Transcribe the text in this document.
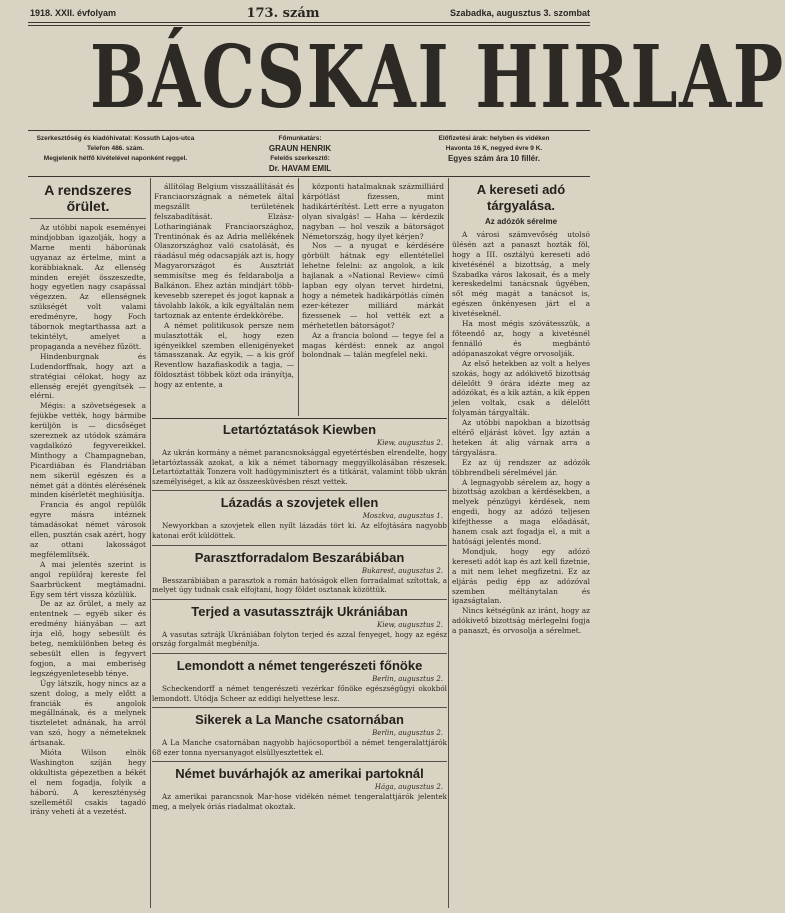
1918. XXII. évfolyam	173. szám	Szabadka, augusztus 3. szombat
BÁCSKAI HIRLAP
Szerkesztőség és kiadóhivatal: Kossuth Lajos-utca
Telefon 486. szám.
Megjelenik hétfő kivételével naponként reggel.
Főmunkatárs:
GRAUN HENRIK
Felelős szerkesztő:
Dr. HAVAM EMIL
Előfizetési árak: helyben és vidéken
Havonta 16 K, negyed évre 9 K.
Egyes szám ára 10 fillér.
A rendszeres őrület.

Az utóbbi napok eseményei mindjobban igazolják, hogy a Marne menti háborúnak ugyanaz az értelme, mint a korábbiaknak. Az ellenség minden erejét összeszedte, hogy egyetlen nagy csapással végezzen. Az ellenségnek szükségét volt valami eredményre, hogy Foch tábornok megtarthassa azt a tekintélyt, amelyet a propaganda a nevéhez fűzött.

Hindenburgnak és Ludendorffnak, hogy azt a stratégiai célokat, hogy az ellenség erejét gyengítsék — elérni.

Mégis: a szövetségesek a fejükbe vették, hogy bármibe kerüljön is — dicsőséget szereznek az utódok számára vagdalkózó fegyvereikkel. Minthogy a Champagneban, Picardiában és Flandriában nem sikerül egészen és a német gát a döntés elérésének minden kísérletét meghiúsítja.

Francia és angol repülők egyre másra intéznek támadásokat német városok ellen, pusztán csak azért, hogy az ottani lakosságot megfélemlítsék.

A mai jelentés szerint is angol repülőraj kereste fel Saarbrückent megtámadni. Egy sem tért vissza közülük.

De az az őrület, a mely az ententnek — egyéb siker és eredmény hiányában — azt írja elő, hogy sebesült és beteg, nemkülönben beteg és sebesült ellen is fegyvert fogjon, a mai emberiség legszégyenletesebb ténye.

Úgy látszik, hogy nincs az a szent dolog, a mely előtt a franciák és angolok megállnának, és a melynek tiszteletet adnának, ha arról van szó, hogy a németeknek ártsanak.

Mióta Wilson elnök Washington szíján hegy okkultista gépezetben a békét el nem fogadja, folyik a háború. A kereszténység szellemétől csakis tagadó irány veheti át a vezetést.

állítólag Belgium visszaállítását és Franciaországnak a németek által megszállt területének felszabadítását. Elzász-Lotharingiának Franciaországhoz, Trentinónak és az Adria mellékének Olaszországhoz való csatolását, és ráadásul még odacsapják azt is, hogy Magyarországot és Ausztriát semmisítse meg és feldarabolja a Balkánon. Ehez aztán mindjárt több-kevesebb szerepet és jogot kapnak a távolabb lakók, a kik egyáltalán nem tartoznak az entente érdekkörébe.

A német politikusok persze nem mulasztották el, hogy ezen igényeikkel szemben ellenigényeket támasszanak. Az egyik, — a kis gróf Reventlow hazafiaskodik a tagja, — földosztást többek közt oda irányítja, hogy az entente, a

központi hatalmaknak százmilliárd kárpótlást fizessen, mint hadikártérítést. Lett erre a nyugaton olyan sivalgás! — Haha — kérdezik nagyban — hol veszik a bátorságot Németország, hogy ilyet kérjen?

Nos — a nyugat e kérdésére görbült hátnak egy ellentétellel lehetne felelni: az angolok, a kik hajlanak a »National Review« című lapban egy olyan tervet hirdetni, hogy a németek hadikárpótlás címén ezer-kétezer milliárd márkát fizessenek — hol vették ezt a mérhetetlen bátorságot?

Az a francia bolond — tegye fel a magas kérdést: ennek az angol bolondnak — talán megfelel neki.

Letartóztatások Kiewben
Kiew, augusztus 2.

Az ukrán kormány a német parancsnoksággal egyetértésben elrendelte, hogy letartóztassák azokat, a kik a német tábornagy meggyilkolásában részesek. Letartóztatták Tonzera volt hadügyminisztert és a titkárát, valamint több ukrán személyiséget, a kik az összeesküvésben részt vettek.

Lázadás a szovjetek ellen
Moszkva, augusztus 1.

Newyorkban a szovjetek ellen nyílt lázadás tört ki. Az elfojtására nagyobb katonai erőt küldöttek.

Parasztforradalom Beszarábiában
Bukarest, augusztus 2.

Besszarábiában a parasztok a román hatóságok ellen forradalmat szítottak, a melyet úgy tudnak csak elfojtani, hogy földet osztanak közöttük.

Terjed a vasutassztrájk Ukrániában
Kiew, augusztus 2.

A vasutas sztrájk Ukrániában folyton terjed és azzal fenyeget, hogy az egész ország forgalmát megbénítja.

Lemondott a német tengerészeti főnöke
Berlin, augusztus 2.

Scheckendorff a német tengerészeti vezérkar főnöke egészségügyi okokból lemondott. Utódja Scheer az eddigi helyettese lesz.

Sikerek a La Manche csatornában
Berlin, augusztus 2.

A La Manche csatornában nagyobb hajócsoportból a német tengeralattjárók 68 ezer tonna nyersanyagot elsüllyesztettek el.

Német buvárhajók az amerikai partoknál
Hága, augusztus 2.

Az amerikai parancsnok Mar-hose vidékén német tengeralattjárók jelentek meg, a melyek óriás riadalmat okoztak.

A kereseti adó tárgyalása.
Az adózók sérelme

A városi számvevőség utolsó ülésén azt a panaszt hozták föl, hogy a III. osztályú kereseti adó kivetésénél a bizottság, a mely Szabadka város lakosait, és a mely kereskedelmi tanácsnak ügyében, sőt még magát a tanácsot is, egészen önkényesen járt el a kivetéseknél.

Ha most mégis szóvátesszük, a főteendő az, hogy a kivetésnél fennálló és megbántó adópanaszokat végre orvosolják.

Az első hetekben az volt a helyes szokás, hogy az adókivető bizottság délelőtt 9 órára idézte meg az adózókat, és a kik aztán, a kik éppen jelen voltak, csak a délelőtt folyamán tárgyalták.

Az utóbbi napokban a bizottság eltérő eljárást követ. Így aztán a heteken át alig várnak arra a tárgyalásra.

Ez az új rendszer az adózók többrendbeli sérelmével jár.

A legnagyobb sérelem az, hogy a bizottság azokban a kérdésekben, a melyek pénzügyi kérdések, nem engedi, hogy az adózó teljesen kifejthesse a maga előadását, hanem csak azt fogadja el, a mit a hatósági jelentés mond.

Mondjuk, hogy egy adózó kereseti adót kap és azt kell fizetnie, a mit nem lehet megfizetni. Ez az eljárás pedig épp az adózóval szemben méltánytalan és igazságtalan.

Nincs kétségünk az iránt, hogy az adókivető bizottság mérlegelni fogja a panaszt, és orvosolja a sérelmet.
